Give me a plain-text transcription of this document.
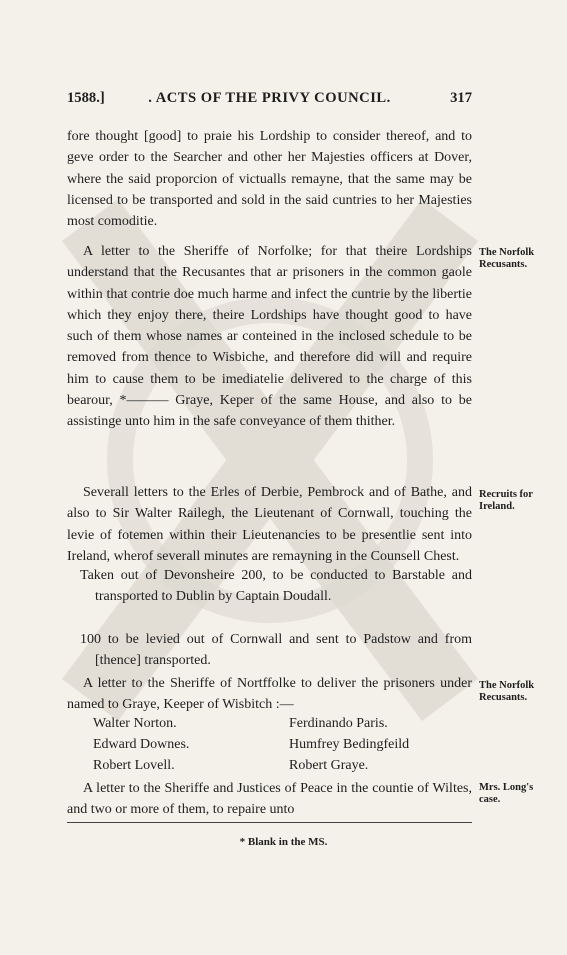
1588.]	. ACTS OF THE PRIVY COUNCIL.	317

fore thought [good] to praie his Lordship to consider thereof, and to geve order to the Searcher and other her Majesties officers at Dover, where the said proporcion of victualls remayne, that the same may be licensed to be transported and sold in the said cuntries to her Majesties most comoditie.

A letter to the Sheriffe of Norfolke; for that theire Lordships understand that the Recusantes that ar prisoners in the common gaole within that contrie doe much harme and infect the cuntrie by the libertie which they enjoy there, theire Lordships have thought good to have such of them whose names ar conteined in the inclosed schedule to be removed from thence to Wisbiche, and therefore did will and require him to cause them to be imediatelie delivered to the charge of this bearour, *——— Graye, Keper of the same House, and also to be assistinge unto him in the safe conveyance of them thither.

The Norfolk Recusants.

Severall letters to the Erles of Derbie, Pembrock and of Bathe, and also to Sir Walter Railegh, the Lieutenant of Cornwall, touching the levie of fotemen within their Lieutenancies to be presentlie sent into Ireland, wherof severall minutes are remayning in the Counsell Chest.

Recruits for Ireland.

Taken out of Devonsheire 200, to be conducted to Barstable and transported to Dublin by Captain Doudall.

100 to be levied out of Cornwall and sent to Padstow and from [thence] transported.

A letter to the Sheriffe of Nortffolke to deliver the prisoners under named to Graye, Keeper of Wisbitch :—

The Norfolk Recusants.
Walter Norton.	Ferdinando Paris.
Edward Downes.	Humfrey Bedingfeild
Robert Lovell.	Robert Graye.

A letter to the Sheriffe and Justices of Peace in the countie of Wiltes, and two or more of them, to repaire unto

Mrs. Long's case.
* Blank in the MS.
